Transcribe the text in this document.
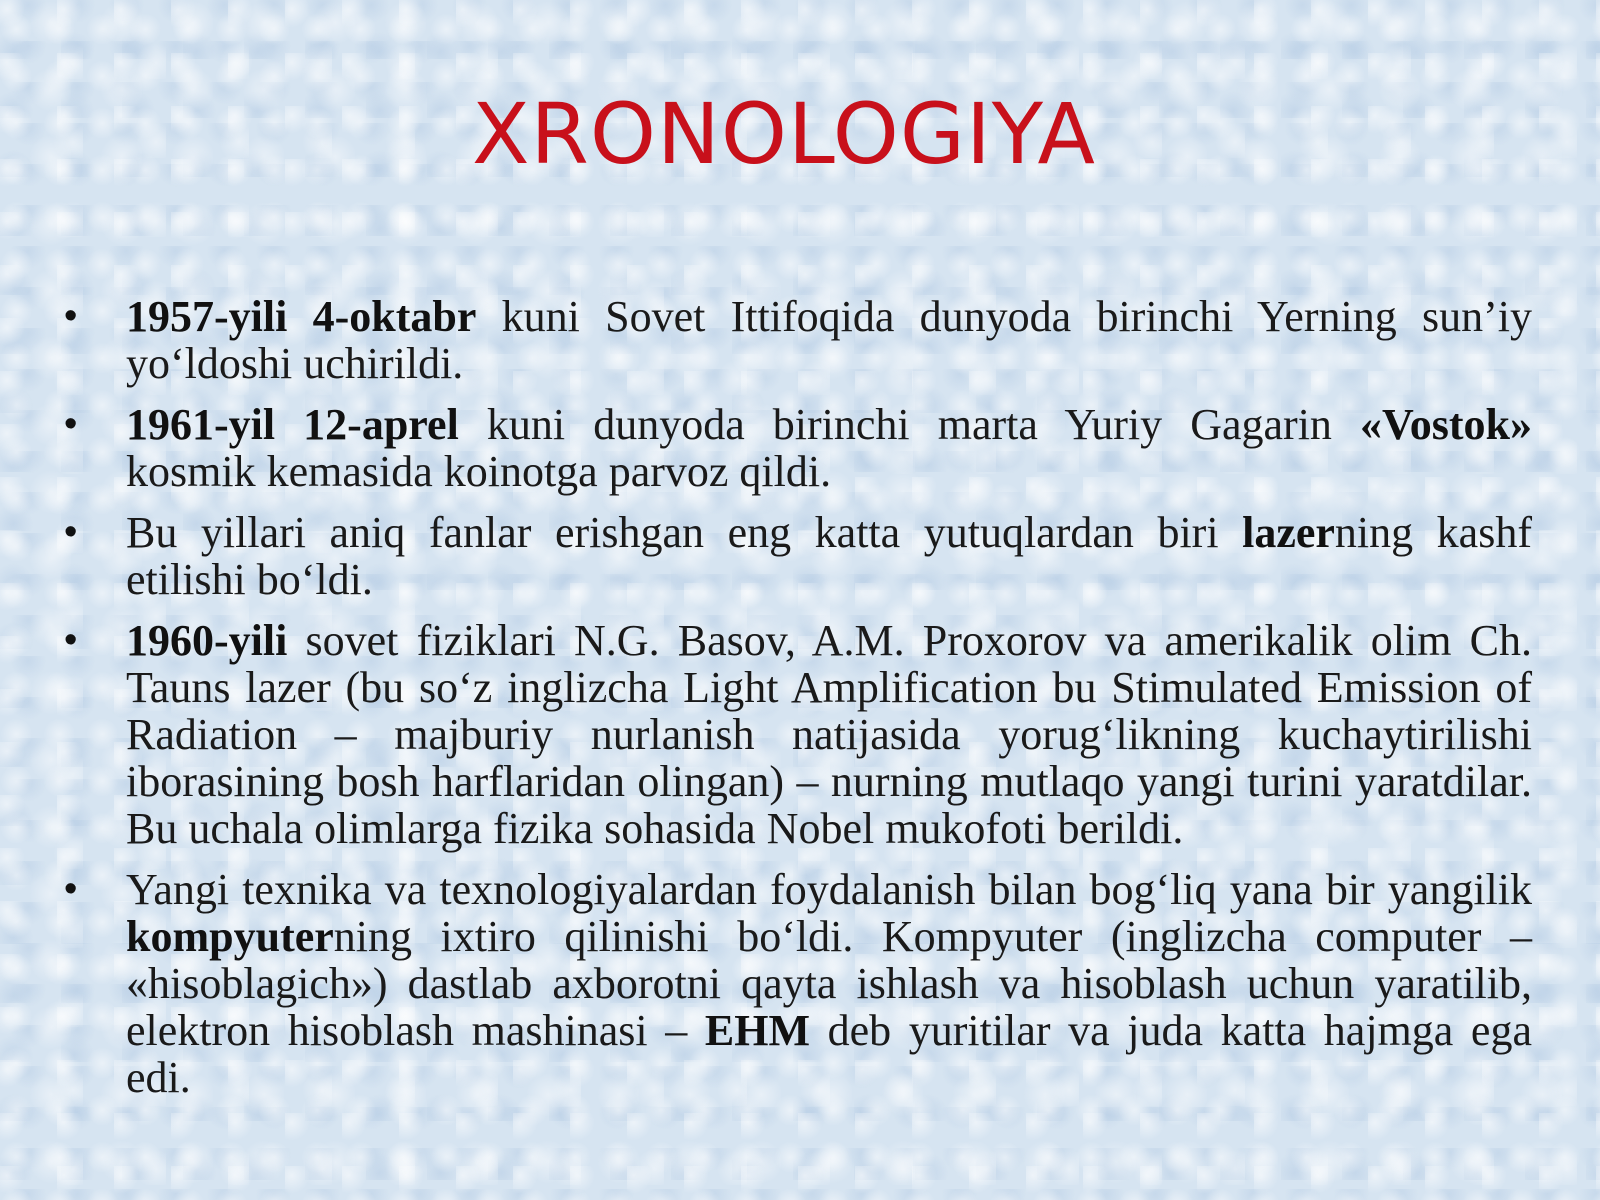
XRONOLOGIYA
• 1957-yili 4-oktabr kuni Sovet Ittifoqida dunyoda birinchi Yerning sun’iy yo‘ldoshi uchirildi.
• 1961-yil 12-aprel kuni dunyoda birinchi marta Yuriy Gagarin «Vostok» kosmik kemasida koinotga parvoz qildi.
• Bu yillari aniq fanlar erishgan eng katta yutuqlardan biri lazerning kashf etilishi bo‘ldi.
• 1960-yili sovet fiziklari N.G. Basov, A.M. Proxorov va amerikalik olim Ch. Tauns lazer (bu so‘z inglizcha Light Amplification bu Stimulated Emission of Radiation – majburiy nurlanish natijasida yorug‘likning kuchaytirilishi iborasining bosh harflaridan olingan) – nurning mutlaqo yangi turini yaratdilar. Bu uchala olimlarga fizika sohasida Nobel mukofoti berildi.
• Yangi texnika va texnologiyalardan foydalanish bilan bog‘liq yana bir yangilik kompyuterning ixtiro qilinishi bo‘ldi. Kompyuter (inglizcha computer – «hisoblagich») dastlab axborotni qayta ishlash va hisoblash uchun yaratilib, elektron hisoblash mashinasi – EHM deb yuritilar va juda katta hajmga ega edi.
